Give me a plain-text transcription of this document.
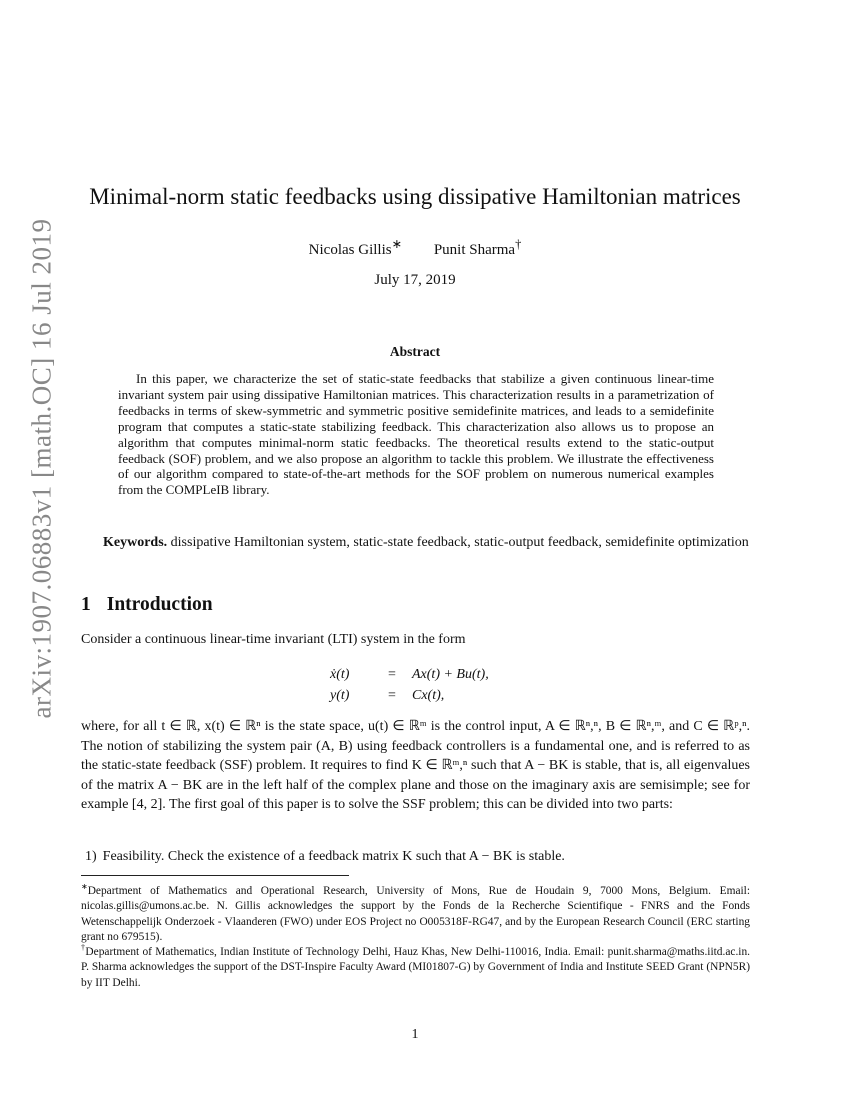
arXiv:1907.06883v1 [math.OC] 16 Jul 2019
Minimal-norm static feedbacks using dissipative Hamiltonian matrices
Nicolas Gillis∗ Punit Sharma†
July 17, 2019
Abstract

In this paper, we characterize the set of static-state feedbacks that stabilize a given continuous linear-time invariant system pair using dissipative Hamiltonian matrices. This characterization results in a parametrization of feedbacks in terms of skew-symmetric and symmetric positive semidefinite matrices, and leads to a semidefinite program that computes a static-state stabilizing feedback. This characterization also allows us to propose an algorithm that computes minimal-norm static feedbacks. The theoretical results extend to the static-output feedback (SOF) problem, and we also propose an algorithm to tackle this problem. We illustrate the effectiveness of our algorithm compared to state-of-the-art methods for the SOF problem on numerous numerical examples from the COMPLeIB library.

Keywords. dissipative Hamiltonian system, static-state feedback, static-output feedback, semidefinite optimization

1 Introduction

Consider a continuous linear-time invariant (LTI) system in the form

ẋ(t)	=	Ax(t) + Bu(t),
y(t)	=	Cx(t),

where, for all t ∈ ℝ, x(t) ∈ ℝⁿ is the state space, u(t) ∈ ℝᵐ is the control input, A ∈ ℝⁿ,ⁿ, B ∈ ℝⁿ,ᵐ, and C ∈ ℝᵖ,ⁿ. The notion of stabilizing the system pair (A, B) using feedback controllers is a fundamental one, and is referred to as the static-state feedback (SSF) problem. It requires to find K ∈ ℝᵐ,ⁿ such that A − BK is stable, that is, all eigenvalues of the matrix A − BK are in the left half of the complex plane and those on the imaginary axis are semisimple; see for example [4, 2]. The first goal of this paper is to solve the SSF problem; this can be divided into two parts:

1) Feasibility. Check the existence of a feedback matrix K such that A − BK is stable.

∗Department of Mathematics and Operational Research, University of Mons, Rue de Houdain 9, 7000 Mons, Belgium. Email: nicolas.gillis@umons.ac.be. N. Gillis acknowledges the support by the Fonds de la Recherche Scientifique - FNRS and the Fonds Wetenschappelijk Onderzoek - Vlaanderen (FWO) under EOS Project no O005318F-RG47, and by the European Research Council (ERC starting grant no 679515).

†Department of Mathematics, Indian Institute of Technology Delhi, Hauz Khas, New Delhi-110016, India. Email: punit.sharma@maths.iitd.ac.in. P. Sharma acknowledges the support of the DST-Inspire Faculty Award (MI01807-G) by Government of India and Institute SEED Grant (NPN5R) by IIT Delhi.

1
